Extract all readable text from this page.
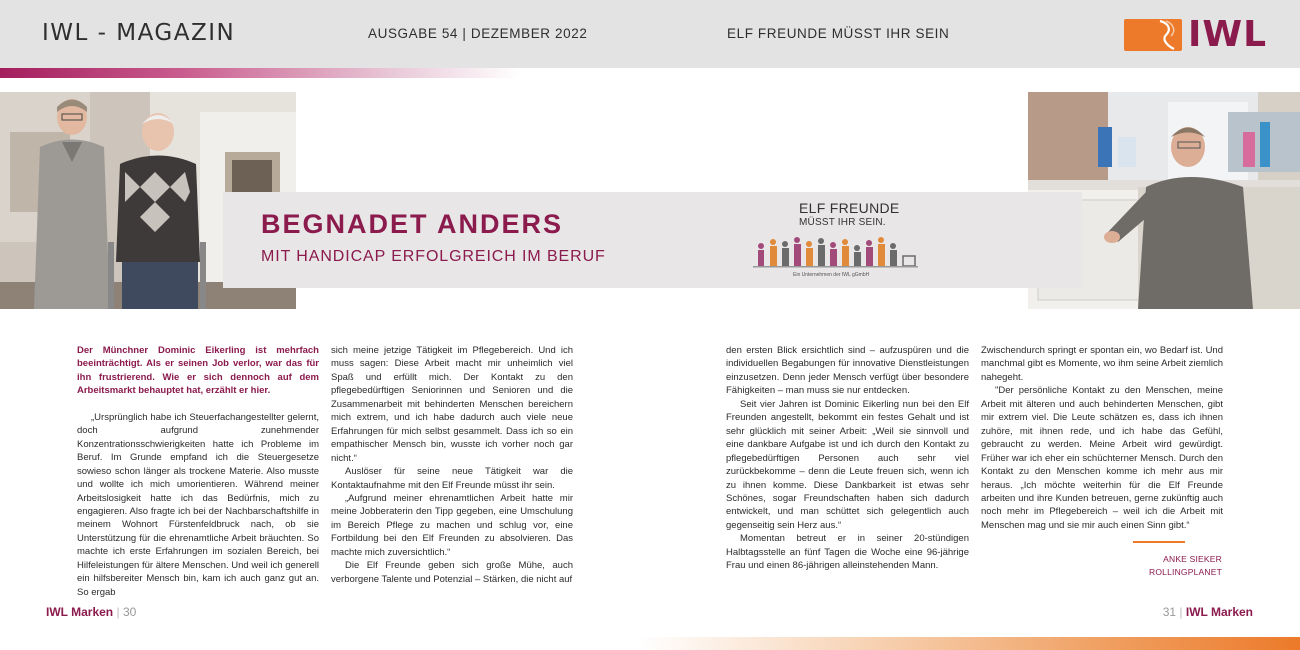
IWL - MAGAZIN	AUSGABE 54 | DEZEMBER 2022	ELF FREUNDE MÜSST IHR SEIN	IWL
BEGNADET ANDERS
MIT HANDICAP ERFOLGREICH IM BERUF
ELF FREUNDE
MÜSST IHR SEIN.
Ein Unternehmen der IWL gGmbH

Der Münchner Dominic Eikerling ist mehrfach beeinträchtigt. Als er seinen Job verlor, war das für ihn frustrierend. Wie er sich dennoch auf dem Arbeitsmarkt behauptet hat, erzählt er hier.

„Ursprünglich habe ich Steuerfachangestellter gelernt, doch aufgrund zunehmender Konzentrationsschwierigkeiten hatte ich Probleme im Beruf. Im Grunde empfand ich die Steuergesetze sowieso schon länger als trockene Materie. Also musste und wollte ich mich umorientieren. Während meiner Arbeitslosigkeit hatte ich das Bedürfnis, mich zu engagieren. Also fragte ich bei der Nachbarschaftshilfe in meinem Wohnort Fürstenfeldbruck nach, ob sie Unterstützung für die ehrenamtliche Arbeit bräuchten. So machte ich erste Erfahrungen im sozialen Bereich, bei Hilfeleistungen für ältere Menschen. Und weil ich generell ein hilfsbereiter Mensch bin, kam ich auch ganz gut an. So ergab

sich meine jetzige Tätigkeit im Pflegebereich. Und ich muss sagen: Diese Arbeit macht mir unheimlich viel Spaß und erfüllt mich. Der Kontakt zu den pflegebedürftigen Seniorinnen und Senioren und die Zusammenarbeit mit behinderten Menschen bereichern mich extrem, und ich habe dadurch auch viele neue Erfahrungen für mich selbst gesammelt. Dass ich so ein empathischer Mensch bin, wusste ich vorher noch gar nicht.“

Auslöser für seine neue Tätigkeit war die Kontaktaufnahme mit den Elf Freunde müsst ihr sein.

„Aufgrund meiner ehrenamtlichen Arbeit hatte mir meine Jobberaterin den Tipp gegeben, eine Umschulung im Bereich Pflege zu machen und schlug vor, eine Fortbildung bei den Elf Freunden zu absolvieren. Das machte mich zuversichtlich.“

Die Elf Freunde geben sich große Mühe, auch verborgene Talente und Potenzial – Stärken, die nicht auf

den ersten Blick ersichtlich sind – aufzuspüren und die individuellen Begabungen für innovative Dienstleistungen einzusetzen. Denn jeder Mensch verfügt über besondere Fähigkeiten – man muss sie nur entdecken.

Seit vier Jahren ist Dominic Eikerling nun bei den Elf Freunden angestellt, bekommt ein festes Gehalt und ist sehr glücklich mit seiner Arbeit: „Weil sie sinnvoll und eine dankbare Aufgabe ist und ich durch den Kontakt zu pflegebedürftigen Personen auch sehr viel zurückbekomme – denn die Leute freuen sich, wenn ich zu ihnen komme. Diese Dankbarkeit ist etwas sehr Schönes, sogar Freundschaften haben sich dadurch entwickelt, und man schüttet sich gelegentlich auch gegenseitig sein Herz aus.“

Momentan betreut er in seiner 20-stündigen Halbtagsstelle an fünf Tagen die Woche eine 96-jährige Frau und einen 86-jährigen alleinstehenden Mann.

Zwischendurch springt er spontan ein, wo Bedarf ist. Und manchmal gibt es Momente, wo ihm seine Arbeit ziemlich nahegeht.

"Der persönliche Kontakt zu den Menschen, meine Arbeit mit älteren und auch behinderten Menschen, gibt mir extrem viel. Die Leute schätzen es, dass ich ihnen zuhöre, mit ihnen rede, und ich habe das Gefühl, gebraucht zu werden. Meine Arbeit wird gewürdigt. Früher war ich eher ein schüchterner Mensch. Durch den Kontakt zu den Menschen komme ich mehr aus mir heraus. „Ich möchte weiterhin für die Elf Freunde arbeiten und ihre Kunden betreuen, gerne zukünftig auch noch mehr im Pflegebereich – weil ich die Arbeit mit Menschen mag und sie mir auch einen Sinn gibt.“

ANKE SIEKER
ROLLINGPLANET
IWL Marken | 30	31 | IWL Marken
